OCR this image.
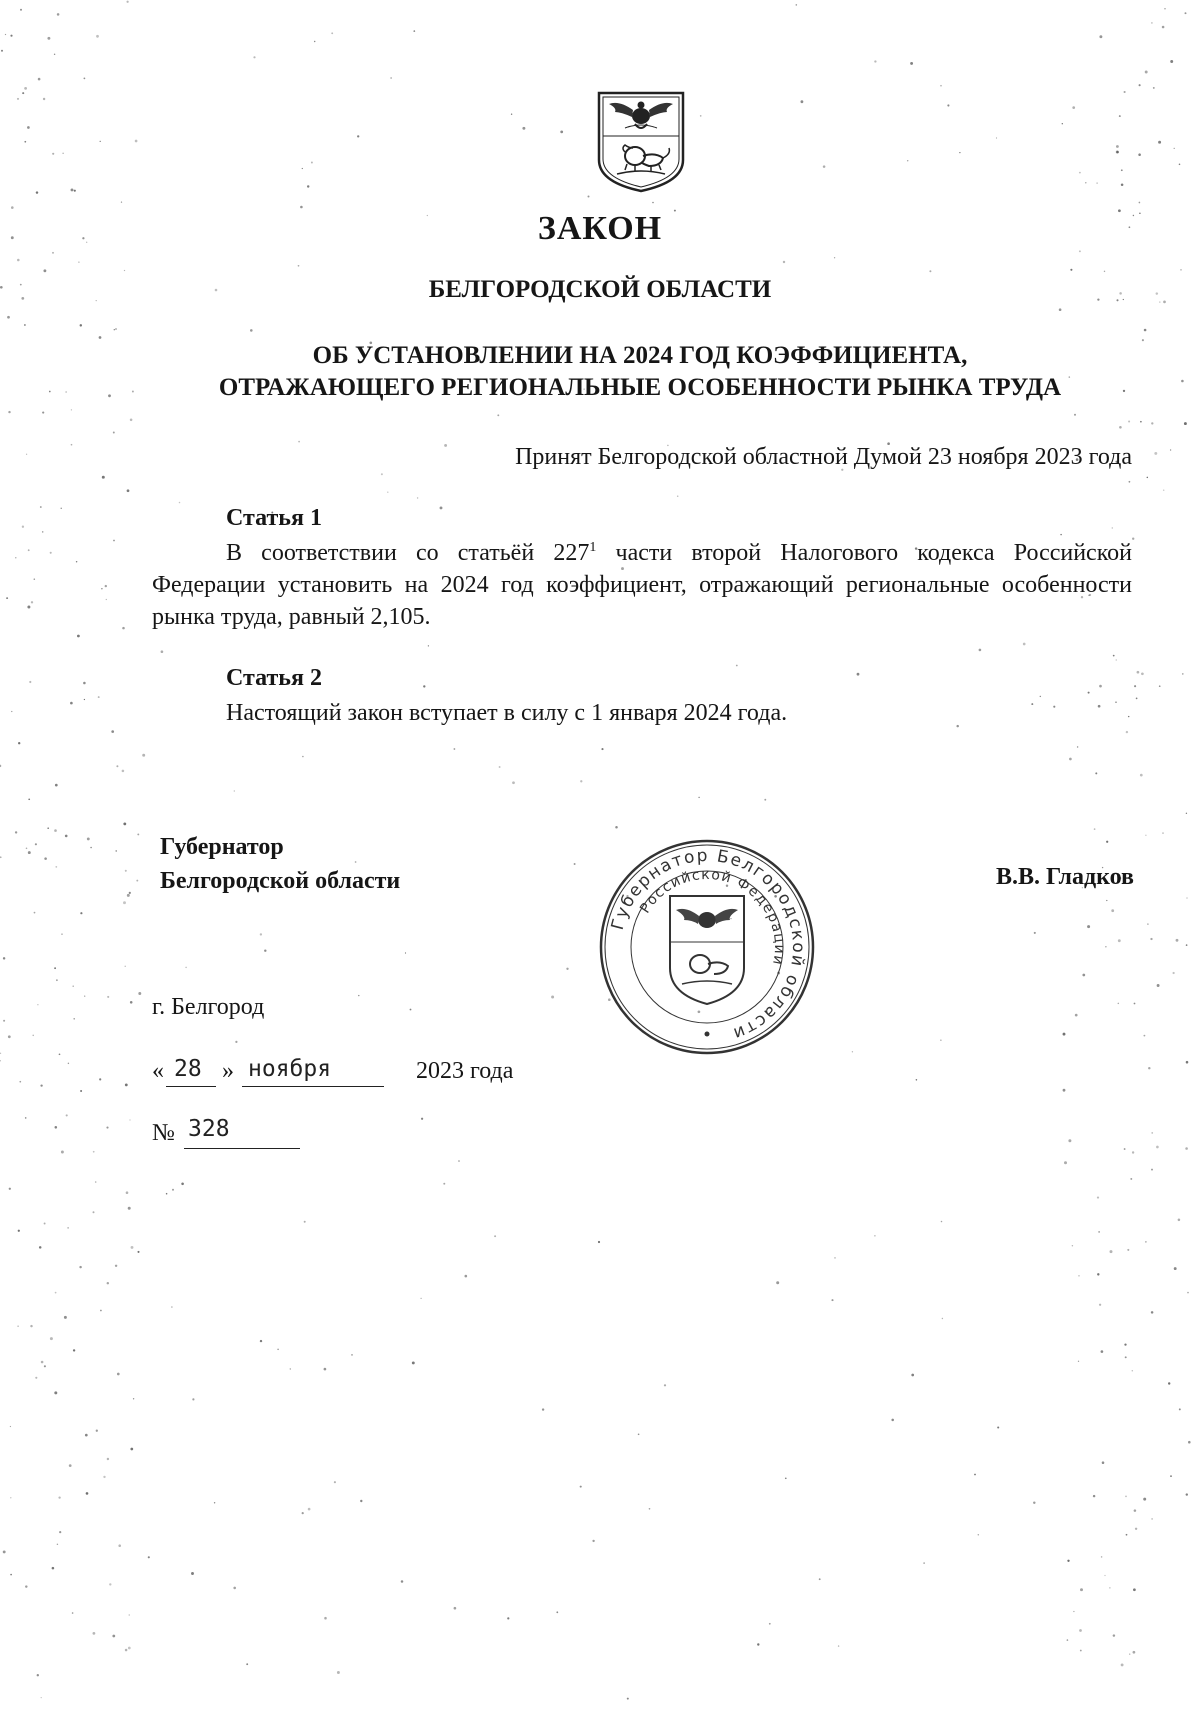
ЗАКОН
БЕЛГОРОДСКОЙ ОБЛАСТИ
ОБ УСТАНОВЛЕНИИ НА 2024 ГОД КОЭФФИЦИЕНТА,
ОТРАЖАЮЩЕГО РЕГИОНАЛЬНЫЕ ОСОБЕННОСТИ РЫНКА ТРУДА
Принят Белгородской областной Думой 23 ноября 2023 года
Статья 1
В соответствии со статьёй $227^1$ части второй Налогового кодекса Российской Федерации установить на 2024 год коэффициент, отражающий региональные особенности рынка труда, равный 2,105.
Статья 2
Настоящий закон вступает в силу с 1 января 2024 года.
Губернатор
Белгородской области
Губернатор Белгородской области
Российской Федерации
В.В. Гладков
г. Белгород
« 28 » ноября	2023 года
№ 328
